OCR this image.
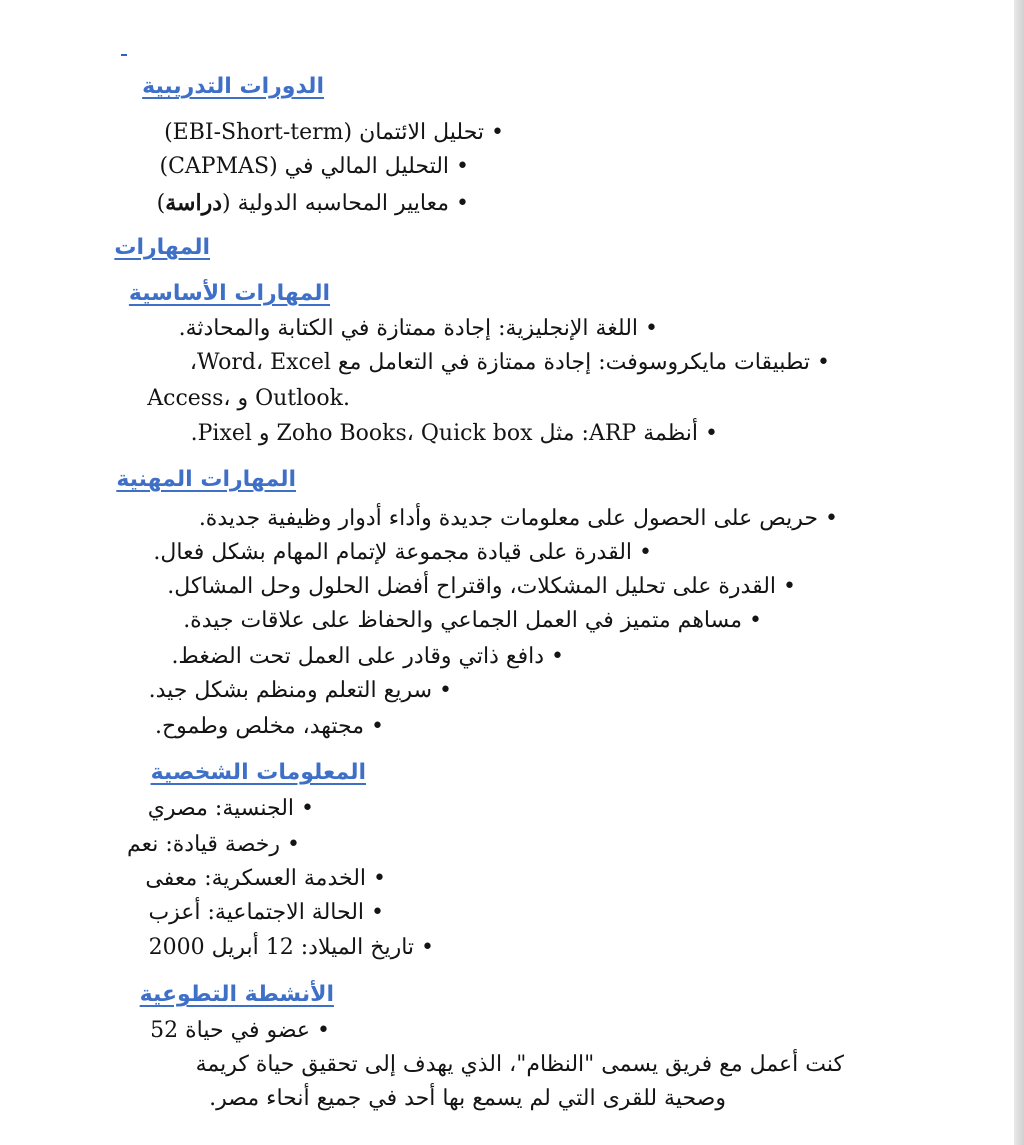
الدورات التدريبية
• تحليل الائتمان (EBI-Short-term)
• التحليل المالي في (CAPMAS)
• معايير المحاسبه الدولية (دراسة)
المهارات
المهارات الأساسية
• اللغة الإنجليزية: إجادة ممتازة في الكتابة والمحادثة.
• تطبيقات مايكروسوفت: إجادة ممتازة في التعامل مع Word، Excel،
Access، و Outlook.
• أنظمة ARP: مثل Zoho Books، Quick box و Pixel.
المهارات المهنية
• حريص على الحصول على معلومات جديدة وأداء أدوار وظيفية جديدة.
• القدرة على قيادة مجموعة لإتمام المهام بشكل فعال.
• القدرة على تحليل المشكلات، واقتراح أفضل الحلول وحل المشاكل.
• مساهم متميز في العمل الجماعي والحفاظ على علاقات جيدة.
• دافع ذاتي وقادر على العمل تحت الضغط.
• سريع التعلم ومنظم بشكل جيد.
• مجتهد، مخلص وطموح.
المعلومات الشخصية
• الجنسية: مصري
• رخصة قيادة: نعم
• الخدمة العسكرية: معفى
• الحالة الاجتماعية: أعزب
• تاريخ الميلاد: 12 أبريل 2000
الأنشطة التطوعية
• عضو في حياة 52
كنت أعمل مع فريق يسمى "النظام"، الذي يهدف إلى تحقيق حياة كريمة
وصحية للقرى التي لم يسمع بها أحد في جميع أنحاء مصر.
